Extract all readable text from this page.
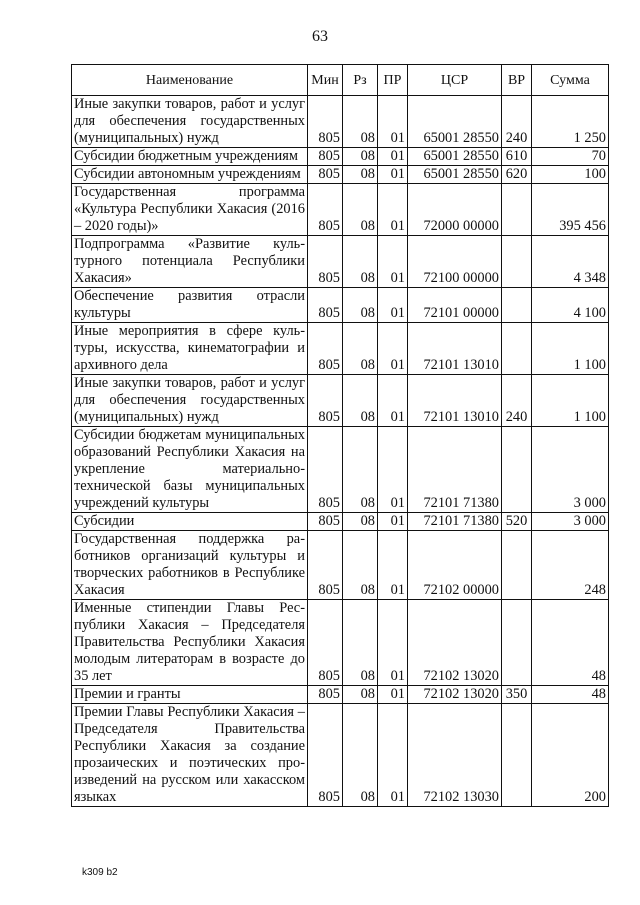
63
Наименование	Мин	Рз	ПР	ЦСР	ВР	Сумма
Иные закупки товаров, работ и услуг для обеспечения государственных (муниципальных) нужд	805	08	01	65001 28550	240	1 250
Субсидии бюджетным учреждениям	805	08	01	65001 28550	610	70
Субсидии автономным учреждениям	805	08	01	65001 28550	620	100
Государственная программа «Культура Республики Хакасия (2016 – 2020 годы)»	805	08	01	72000 00000		395 456
Подпрограмма «Развитие культурного потенциала Республики Хакасия»	805	08	01	72100 00000		4 348
Обеспечение развития отрасли культуры	805	08	01	72101 00000		4 100
Иные мероприятия в сфере культуры, искусства, кинематографии и архивного дела	805	08	01	72101 13010		1 100
Иные закупки товаров, работ и услуг для обеспечения государственных (муниципальных) нужд	805	08	01	72101 13010	240	1 100
Субсидии бюджетам муниципальных образований Республики Хакасия на укрепление материально-технической базы муниципальных учреждений культуры	805	08	01	72101 71380		3 000
Субсидии	805	08	01	72101 71380	520	3 000
Государственная поддержка работников организаций культуры и творческих работников в Республике Хакасия	805	08	01	72102 00000		248
Именные стипендии Главы Республики Хакасия – Председателя Правительства Республики Хакасия молодым литераторам в возрасте до 35 лет	805	08	01	72102 13020		48
Премии и гранты	805	08	01	72102 13020	350	48
Премии Главы Республики Хакасия – Председателя Правительства Республики Хакасия за создание прозаических и поэтических произведений на русском или хакасском языках	805	08	01	72102 13030		200
k309 b2
